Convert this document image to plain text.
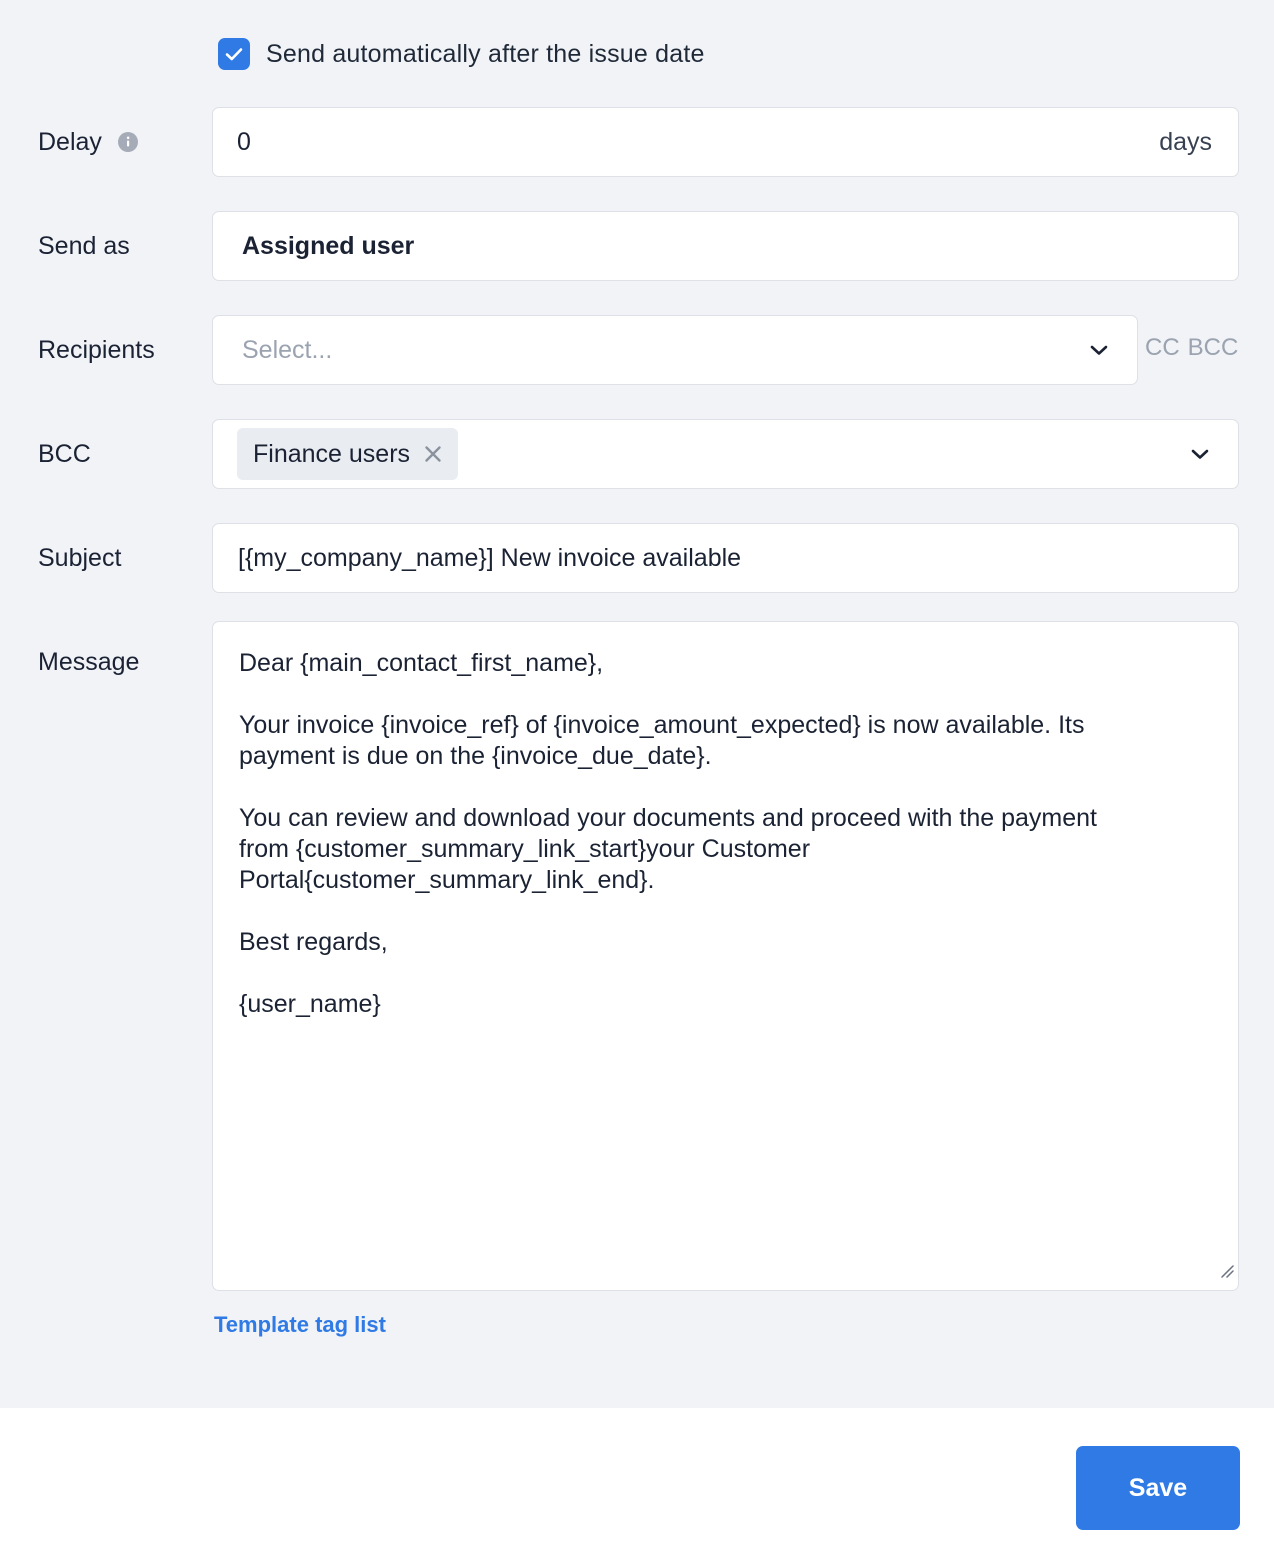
Send automatically after the issue date
Delay	0	days
Send as	Assigned user
Recipients	Select...	CC BCC
BCC	Finance users
Subject	[{my_company_name}] New invoice available
Message	Dear {main_contact_first_name},
Your invoice {invoice_ref} of {invoice_amount_expected} is now available. Its
payment is due on the {invoice_due_date}.
You can review and download your documents and proceed with the payment
from {customer_summary_link_start}your Customer
Portal{customer_summary_link_end}.
Best regards,
{user_name}
Template tag list
Save
